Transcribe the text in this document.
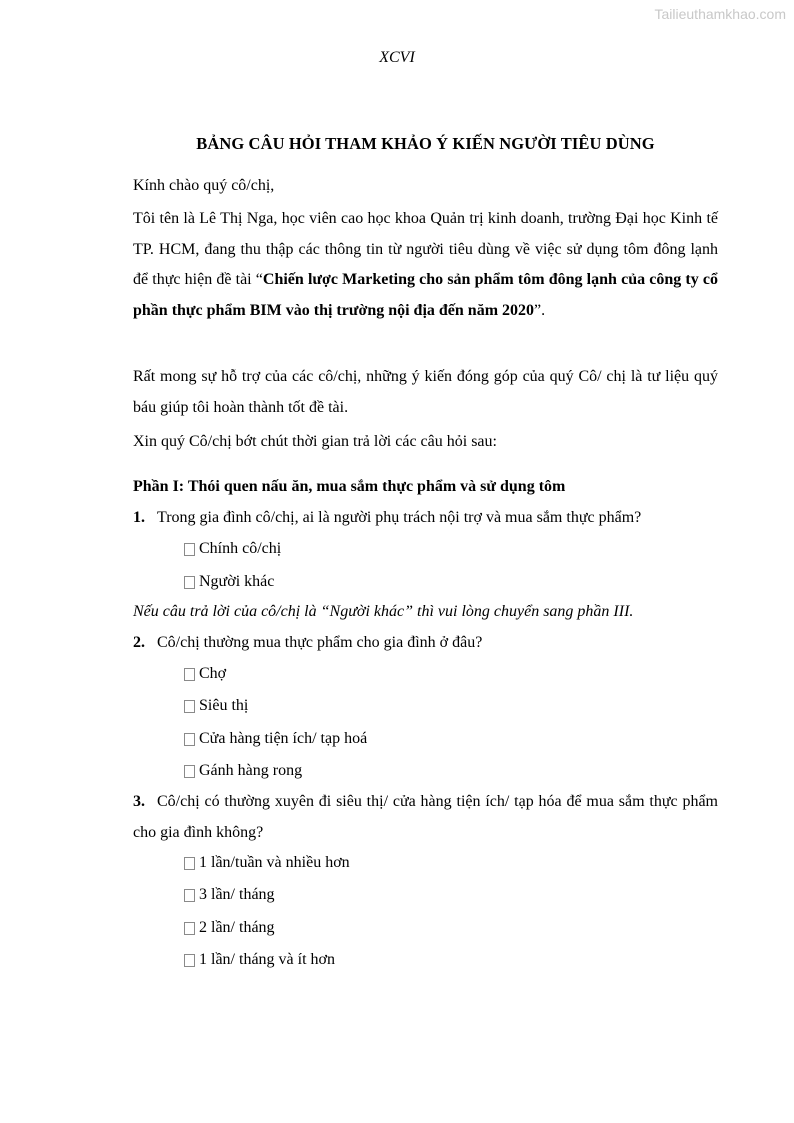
Tailieuthamkhao.com
XCVI
BẢNG CÂU HỎI THAM KHẢO Ý KIẾN NGƯỜI TIÊU DÙNG

Kính chào quý cô/chị,

Tôi tên là Lê Thị Nga, học viên cao học khoa Quản trị kinh doanh, trường Đại học Kinh tế TP. HCM, đang thu thập các thông tin từ người tiêu dùng về việc sử dụng tôm đông lạnh để thực hiện đề tài “Chiến lược Marketing cho sản phẩm tôm đông lạnh của công ty cổ phần thực phẩm BIM vào thị trường nội địa đến năm 2020”.

Rất mong sự hỗ trợ của các cô/chị, những ý kiến đóng góp của quý Cô/ chị là tư liệu quý báu giúp tôi hoàn thành tốt đề tài.

Xin quý Cô/chị bớt chút thời gian trả lời các câu hỏi sau:

Phần I: Thói quen nấu ăn, mua sắm thực phẩm và sử dụng tôm

1. Trong gia đình cô/chị, ai là người phụ trách nội trợ và mua sắm thực phẩm?

Chính cô/chị
Người khác
Nếu câu trả lời của cô/chị là “Người khác” thì vui lòng chuyển sang phần III.

2. Cô/chị thường mua thực phẩm cho gia đình ở đâu?

Chợ
Siêu thị
Cửa hàng tiện ích/ tạp hoá
Gánh hàng rong

3. Cô/chị có thường xuyên đi siêu thị/ cửa hàng tiện ích/ tạp hóa để mua sắm thực phẩm cho gia đình không?

1 lần/tuần và nhiều hơn
3 lần/ tháng
2 lần/ tháng
1 lần/ tháng và ít hơn
